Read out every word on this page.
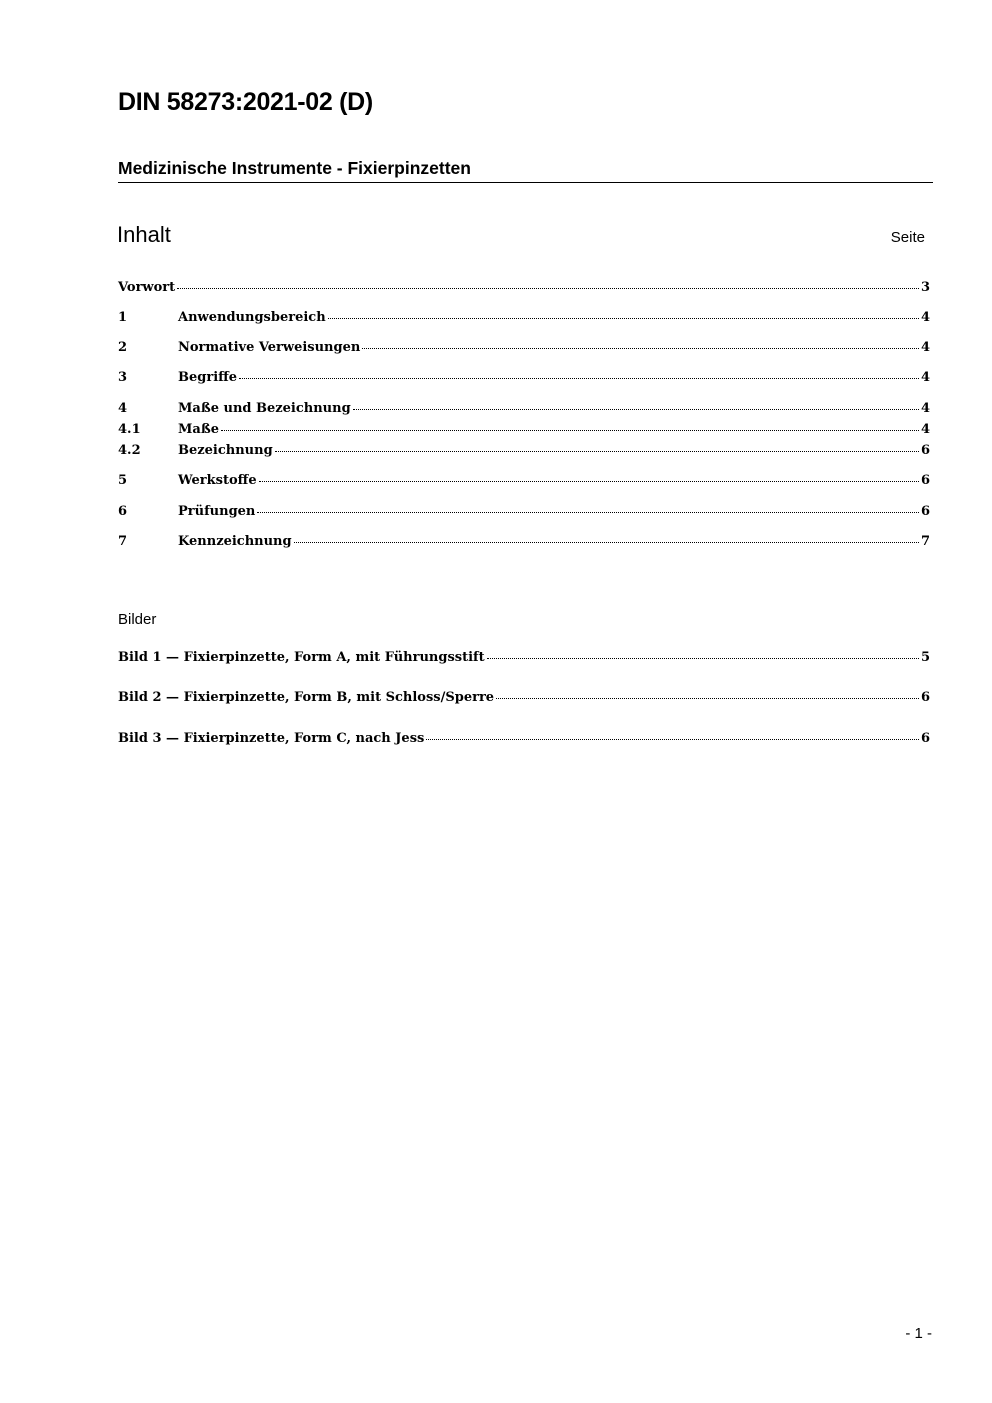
DIN 58273:2021-02 (D)
Medizinische Instrumente - Fixierpinzetten
Inhalt	Seite
Vorwort	3
1	Anwendungsbereich	4
2	Normative Verweisungen	4
3	Begriffe	4
4	Maße und Bezeichnung	4
4.1	Maße	4
4.2	Bezeichnung	6
5	Werkstoffe	6
6	Prüfungen	6
7	Kennzeichnung	7
Bilder
Bild 1 — Fixierpinzette, Form A, mit Führungsstift	5
Bild 2 — Fixierpinzette, Form B, mit Schloss/Sperre	6
Bild 3 — Fixierpinzette, Form C, nach Jess	6
- 1 -
